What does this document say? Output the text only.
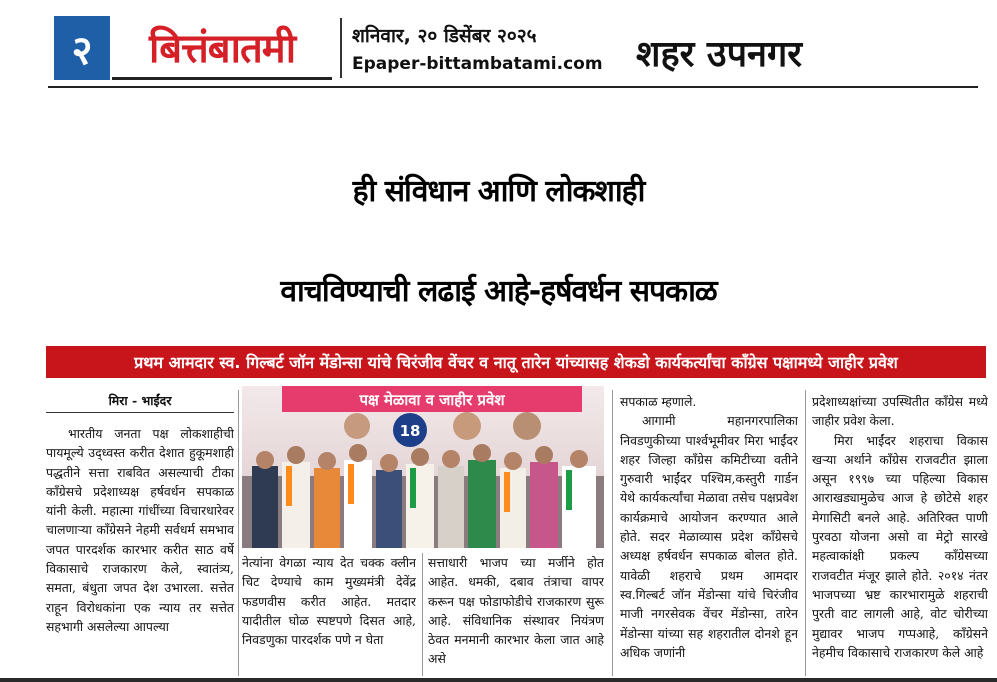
२	बित्तंबातमी	शनिवार, २० डिसेंबर २०२५
Epaper-bittambatami.com शहर उपनगर
ही संविधान आणि लोकशाही
वाचविण्याची लढाई आहे-हर्षवर्धन सपकाळ
प्रथम आमदार स्व. गिल्बर्ट जॉन मेंडोन्सा यांचे चिरंजीव वेंचर व नातू तारेन यांच्यासह शेकडो कार्यकर्त्यांचा काँग्रेस पक्षामध्ये जाहीर प्रवेश
मिरा - भाईंदर

भारतीय जनता पक्ष लोकशाहीची पायमूल्ये उद्ध्वस्त करीत देशात हुकूमशाही पद्धतीने सत्ता राबवित असल्याची टीका काँग्रेसचे प्रदेशाध्यक्ष हर्षवर्धन सपकाळ यांनी केली. महात्मा गांधींच्या विचारधारेवर चालणाऱ्या काँग्रेसने नेहमी सर्वधर्म समभाव जपत पारदर्शक कारभार करीत साठ वर्षे विकासाचे राजकारण केले, स्वातंत्र्य, समता, बंधुता जपत देश उभारला. सत्तेत राहून विरोधकांना एक न्याय तर सत्तेत सहभागी असलेल्या आपल्या

पक्ष मेळावा व जाहीर प्रवेश
18

नेत्यांना वेगळा न्याय देत चक्क क्लीन चिट देण्याचे काम मुख्यमंत्री देवेंद्र फडणवीस करीत आहेत. मतदार यादीतील घोळ स्पष्टपणे दिसत आहे, निवडणुका पारदर्शक पणे न घेता

सत्ताधारी भाजप च्या मर्जीने होत आहेत. धमकी, दबाव तंत्राचा वापर करून पक्ष फोडाफोडीचे राजकारण सुरू आहे. संविधानिक संस्थावर नियंत्रण ठेवत मनमानी कारभार केला जात आहे असे

सपकाळ म्हणाले.

आगामी महानगरपालिका निवडणुकीच्या पार्श्वभूमीवर मिरा भाईंदर शहर जिल्हा काँग्रेस कमिटीच्या वतीने गुरुवारी भाईंदर पश्चिम,कस्तुरी गार्डन येथे कार्यकर्त्यांचा मेळावा तसेच पक्षप्रवेश कार्यक्रमाचे आयोजन करण्यात आले होते. सदर मेळाव्यास प्रदेश काँग्रेसचे अध्यक्ष हर्षवर्धन सपकाळ बोलत होते. यावेळी शहराचे प्रथम आमदार स्व.गिल्बर्ट जॉन मेंडोन्सा यांचे चिरंजीव माजी नगरसेवक वेंचर मेंडोन्सा, तारेन मेंडोन्सा यांच्या सह शहरातील दोनशे हून अधिक जणांनी

प्रदेशाध्यक्षांच्या उपस्थितीत काँग्रेस मध्ये जाहीर प्रवेश केला.

मिरा भाईंदर शहराचा विकास खऱ्या अर्थाने काँग्रेस राजवटीत झाला असून १९९७ च्या पहिल्या विकास आराखड्यामुळेच आज हे छोटेसे शहर मेगासिटी बनले आहे. अतिरिक्त पाणी पुरवठा योजना असो वा मेट्रो सारखे महत्वाकांक्षी प्रकल्प काँग्रेसच्या राजवटीत मंजूर झाले होते. २०१४ नंतर भाजपच्या भ्रष्ट कारभारामुळे शहराची पुरती वाट लागली आहे, वोट चोरीच्या मुद्यावर भाजप गप्पआहे, काँग्रेसने नेहमीच विकासाचे राजकारण केले आहे
